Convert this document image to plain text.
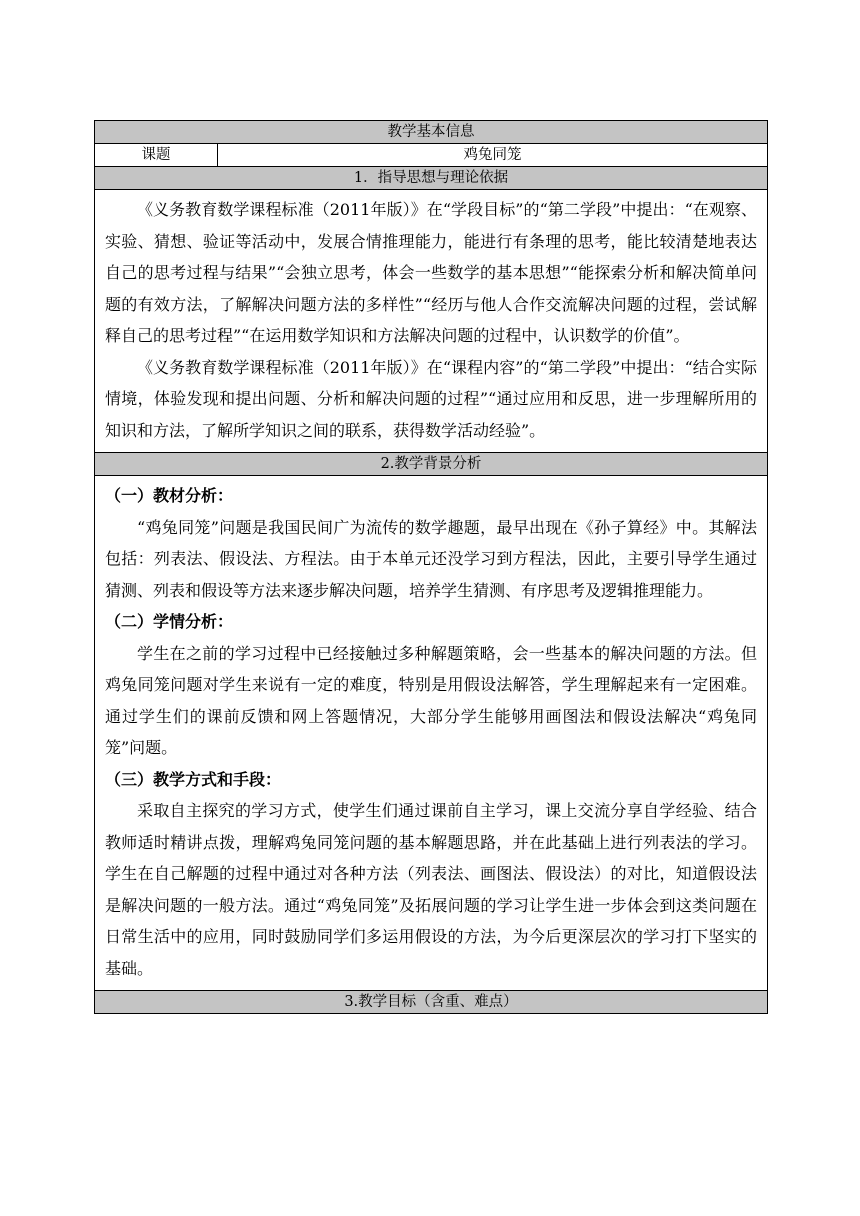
教学基本信息
课题	鸡兔同笼
1．指导思想与理论依据

《义务教育数学课程标准（2011年版）》在“学段目标”的“第二学段”中提出：“在观察、实验、猜想、验证等活动中，发展合情推理能力，能进行有条理的思考，能比较清楚地表达自己的思考过程与结果”“会独立思考，体会一些数学的基本思想”“能探索分析和解决简单问题的有效方法，了解解决问题方法的多样性”“经历与他人合作交流解决问题的过程，尝试解释自己的思考过程”“在运用数学知识和方法解决问题的过程中，认识数学的价值”。

《义务教育数学课程标准（2011年版）》在“课程内容”的“第二学段”中提出：“结合实际情境，体验发现和提出问题、分析和解决问题的过程”“通过应用和反思，进一步理解所用的知识和方法，了解所学知识之间的联系，获得数学活动经验”。

2.教学背景分析

（一）教材分析：

“鸡兔同笼”问题是我国民间广为流传的数学趣题，最早出现在《孙子算经》中。其解法包括：列表法、假设法、方程法。由于本单元还没学习到方程法，因此，主要引导学生通过猜测、列表和假设等方法来逐步解决问题，培养学生猜测、有序思考及逻辑推理能力。

（二）学情分析：

学生在之前的学习过程中已经接触过多种解题策略，会一些基本的解决问题的方法。但鸡兔同笼问题对学生来说有一定的难度，特别是用假设法解答，学生理解起来有一定困难。通过学生们的课前反馈和网上答题情况，大部分学生能够用画图法和假设法解决“鸡兔同笼”问题。

（三）教学方式和手段：

采取自主探究的学习方式，使学生们通过课前自主学习，课上交流分享自学经验、结合教师适时精讲点拨，理解鸡兔同笼问题的基本解题思路，并在此基础上进行列表法的学习。学生在自己解题的过程中通过对各种方法（列表法、画图法、假设法）的对比，知道假设法是解决问题的一般方法。通过“鸡兔同笼”及拓展问题的学习让学生进一步体会到这类问题在日常生活中的应用，同时鼓励同学们多运用假设的方法，为今后更深层次的学习打下坚实的基础。

3.教学目标（含重、难点）
